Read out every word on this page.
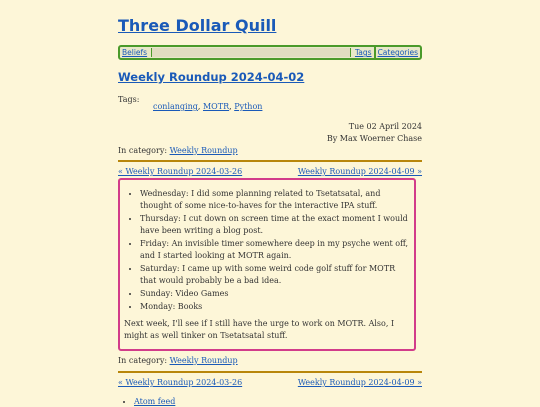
Three Dollar Quill
Beliefs	Tags Categories
Weekly Roundup 2024-04-02
Tags:
conlanging, MOTR, Python
Tue 02 April 2024
By Max Woerner Chase
In category: Weekly Roundup
« Weekly Roundup 2024-03-26	Weekly Roundup 2024-04-09 »
• Wednesday: I did some planning related to Tsetatsatal, and thought of some nice-to-haves for the interactive IPA stuff.
• Thursday: I cut down on screen time at the exact moment I would have been writing a blog post.
• Friday: An invisible timer somewhere deep in my psyche went off, and I started looking at MOTR again.
• Saturday: I came up with some weird code golf stuff for MOTR that would probably be a bad idea.
• Sunday: Video Games
• Monday: Books

Next week, I'll see if I still have the urge to work on MOTR. Also, I might as well tinker on Tsetatsatal stuff.

In category: Weekly Roundup
« Weekly Roundup 2024-03-26	Weekly Roundup 2024-04-09 »
• Atom feed
